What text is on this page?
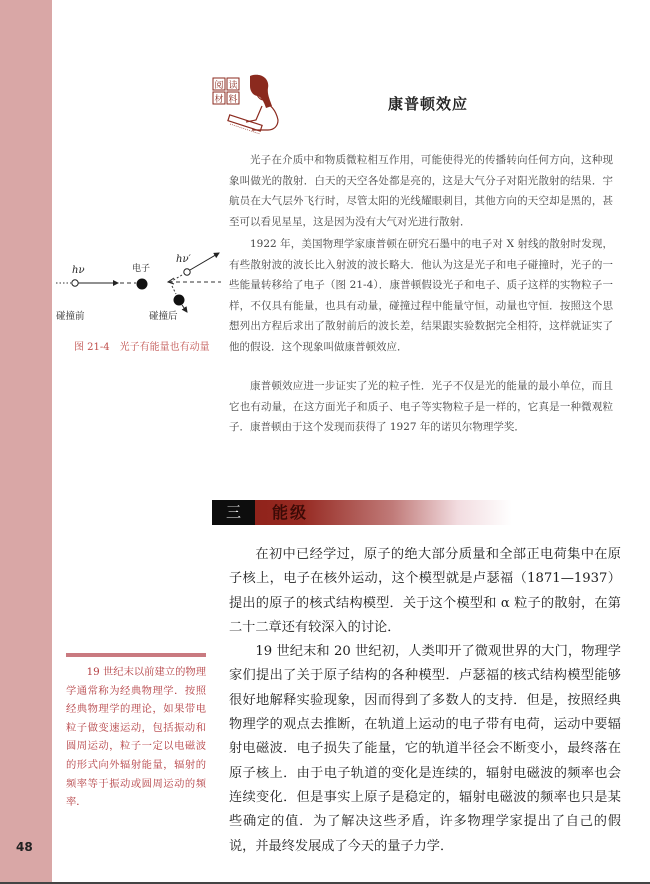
48
阅 读
材 料	康普顿效应

光子在介质中和物质微粒相互作用，可能使得光的传播转向任何方向，这种现象叫做光的散射．白天的天空各处都是亮的，这是大气分子对阳光散射的结果．宇航员在大气层外飞行时，尽管太阳的光线耀眼刺目，其他方向的天空却是黑的，甚至可以看见星星，这是因为没有大气对光进行散射．

1922 年，美国物理学家康普顿在研究石墨中的电子对 X 射线的散射时发现，有些散射波的波长比入射波的波长略大．他认为这是光子和电子碰撞时，光子的一些能量转移给了电子（图 21-4）．康普顿假设光子和电子、质子这样的实物粒子一样，不仅具有能量，也具有动量，碰撞过程中能量守恒，动量也守恒．按照这个思想列出方程后求出了散射前后的波长差，结果跟实验数据完全相符，这样就证实了他的假设．这个现象叫做康普顿效应．

康普顿效应进一步证实了光的粒子性．光子不仅是光的能量的最小单位，而且它也有动量，在这方面光子和质子、电子等实物粒子是一样的，它真是一种微观粒子．康普顿由于这个发现而获得了 1927 年的诺贝尔物理学奖．

hν	电子
hν′
碰撞前	碰撞后
图 21-4 光子有能量也有动量
三	能级

在初中已经学过，原子的绝大部分质量和全部正电荷集中在原子核上，电子在核外运动，这个模型就是卢瑟福（1871—1937）提出的原子的核式结构模型．关于这个模型和 α 粒子的散射，在第二十二章还有较深入的讨论．

19 世纪末和 20 世纪初，人类叩开了微观世界的大门，物理学家们提出了关于原子结构的各种模型．卢瑟福的核式结构模型能够很好地解释实验现象，因而得到了多数人的支持．但是，按照经典物理学的观点去推断，在轨道上运动的电子带有电荷，运动中要辐射电磁波．电子损失了能量，它的轨道半径会不断变小，最终落在原子核上．由于电子轨道的变化是连续的，辐射电磁波的频率也会连续变化．但是事实上原子是稳定的，辐射电磁波的频率也只是某些确定的值．为了解决这些矛盾，许多物理学家提出了自己的假说，并最终发展成了今天的量子力学．

19 世纪末以前建立的物理学通常称为经典物理学．按照经典物理学的理论，如果带电粒子做变速运动，包括振动和圆周运动，粒子一定以电磁波的形式向外辐射能量，辐射的频率等于振动或圆周运动的频率．
